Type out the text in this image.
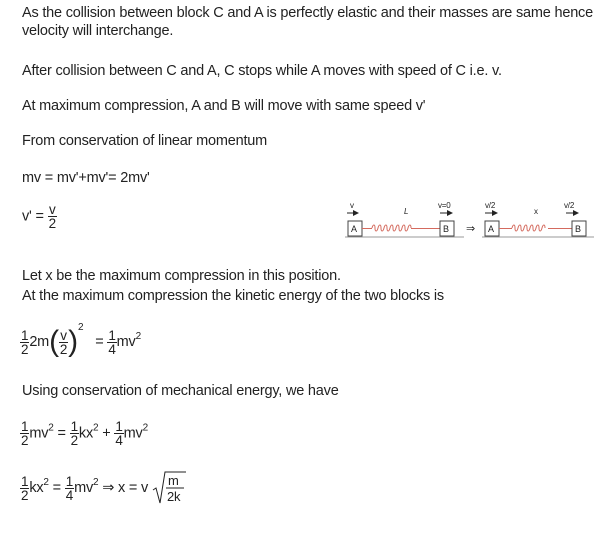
As the collision between block C and A is perfectly elastic and their masses are same hence
velocity will interchange.
After collision between C and A, C stops while A moves with speed of C i.e. v.
At maximum compression, A and B will move with same speed v'
From conservation of linear momentum
mv = mv'+mv'= 2mv'
$v' = \frac{v}{2}$	v
L
v=0
A	B ⇒
v/2
x
v/2
A	B
Let x be the maximum compression in this position.
At the maximum compression the kinetic energy of the two blocks is
$\frac{1}{2} 2m( \frac{v}{2} )^2 = \frac{1}{4} mv^2$
Using conservation of mechanical energy, we have
$\frac{1}{2} mv^2 = \frac{1}{2} kx^2 + \frac{1}{4} mv^2$
$\frac{1}{2} kx^2 = \frac{1}{4} mv^2$ ⇒ x = v m
2k
